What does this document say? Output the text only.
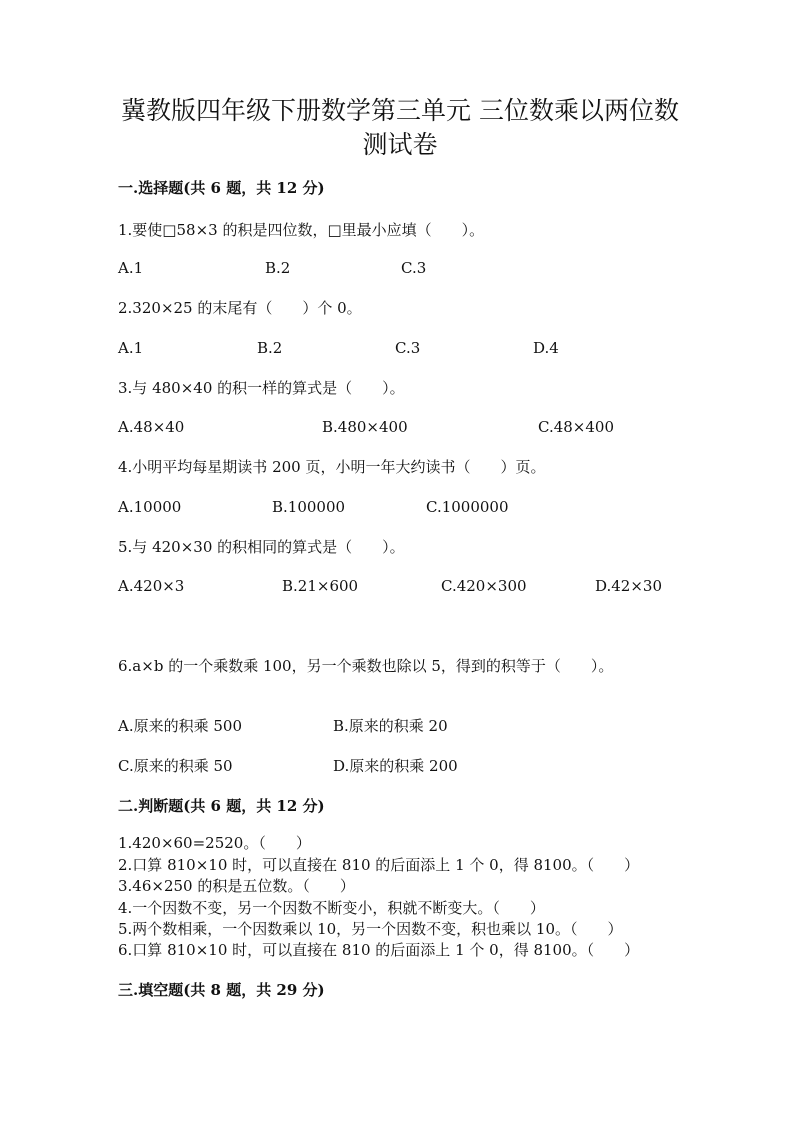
冀教版四年级下册数学第三单元 三位数乘以两位数
测试卷
一.选择题(共 6 题，共 12 分)
1.要使□58×3 的积是四位数，□里最小应填（　　）。
A.1	B.2	C.3
2.320×25 的末尾有（　　）个 0。
A.1	B.2	C.3	D.4
3.与 480×40 的积一样的算式是（　　）。
A.48×40	B.480×400	C.48×400
4.小明平均每星期读书 200 页，小明一年大约读书（　　）页。
A.10000	B.100000	C.1000000
5.与 420×30 的积相同的算式是（　　）。
A.420×3	B.21×600	C.420×300	D.42×30
6.a×b 的一个乘数乘 100，另一个乘数也除以 5，得到的积等于（　　）。
A.原来的积乘 500	B.原来的积乘 20
C.原来的积乘 50	D.原来的积乘 200
二.判断题(共 6 题，共 12 分)
1.420×60=2520。（　　）
2.口算 810×10 时，可以直接在 810 的后面添上 1 个 0，得 8100。（　　）
3.46×250 的积是五位数。（　　）
4.一个因数不变，另一个因数不断变小，积就不断变大。（　　）
5.两个数相乘，一个因数乘以 10，另一个因数不变，积也乘以 10。（　　）
6.口算 810×10 时，可以直接在 810 的后面添上 1 个 0，得 8100。（　　）
三.填空题(共 8 题，共 29 分)
